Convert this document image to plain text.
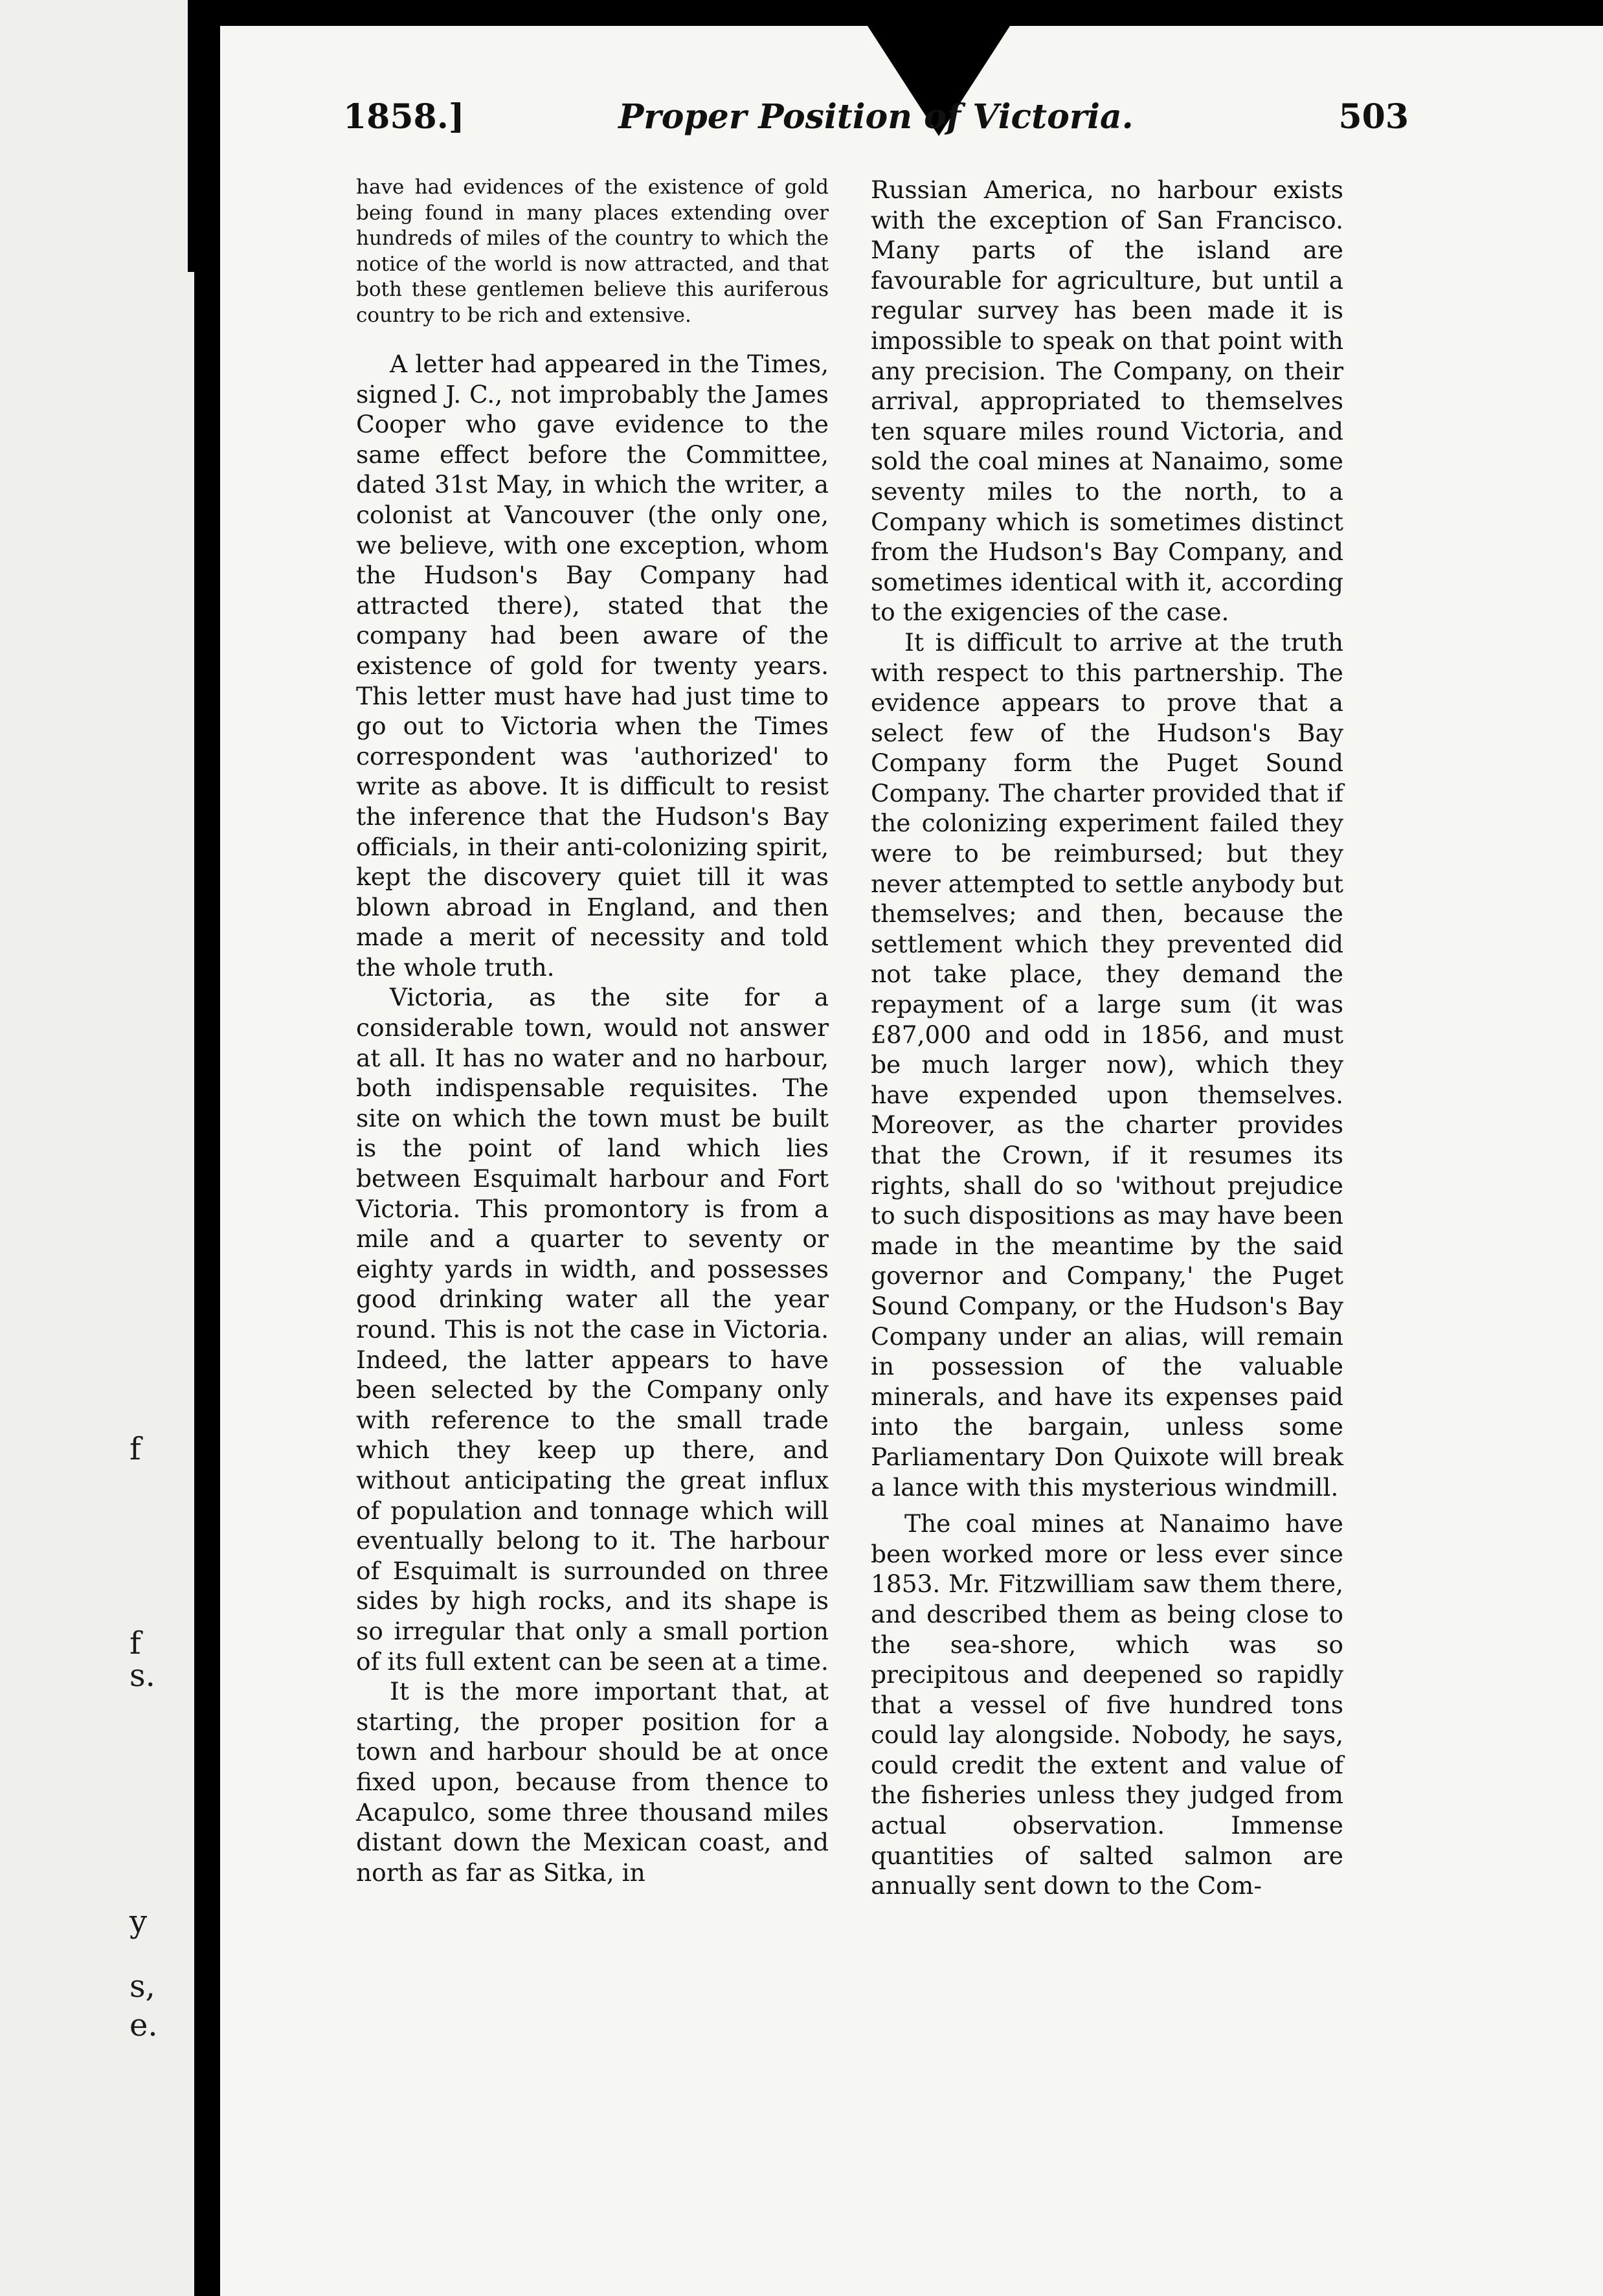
f

f

s.

e.

y

s,

1858.]	Proper Position of Victoria.	503

have had evidences of the existence of gold being found in many places extending over hundreds of miles of the country to which the notice of the world is now attracted, and that both these gentlemen believe this auriferous country to be rich and extensive.

A letter had appeared in the Times, signed J. C., not improbably the James Cooper who gave evidence to the same effect before the Committee, dated 31st May, in which the writer, a colonist at Vancouver (the only one, we believe, with one exception, whom the Hudson's Bay Company had attracted there), stated that the company had been aware of the existence of gold for twenty years. This letter must have had just time to go out to Victoria when the Times correspondent was 'authorized' to write as above. It is difficult to resist the inference that the Hudson's Bay officials, in their anti-colonizing spirit, kept the discovery quiet till it was blown abroad in England, and then made a merit of necessity and told the whole truth.

Victoria, as the site for a considerable town, would not answer at all. It has no water and no harbour, both indispensable requisites. The site on which the town must be built is the point of land which lies between Esquimalt harbour and Fort Victoria. This promontory is from a mile and a quarter to seventy or eighty yards in width, and possesses good drinking water all the year round. This is not the case in Victoria. Indeed, the latter appears to have been selected by the Company only with reference to the small trade which they keep up there, and without anticipating the great influx of population and tonnage which will eventually belong to it. The harbour of Esquimalt is surrounded on three sides by high rocks, and its shape is so irregular that only a small portion of its full extent can be seen at a time.

It is the more important that, at starting, the proper position for a town and harbour should be at once fixed upon, because from thence to Acapulco, some three thousand miles distant down the Mexican coast, and north as far as Sitka, in

Russian America, no harbour exists with the exception of San Francisco. Many parts of the island are favourable for agriculture, but until a regular survey has been made it is impossible to speak on that point with any precision. The Company, on their arrival, appropriated to themselves ten square miles round Victoria, and sold the coal mines at Nanaimo, some seventy miles to the north, to a Company which is sometimes distinct from the Hudson's Bay Company, and sometimes identical with it, according to the exigencies of the case.

It is difficult to arrive at the truth with respect to this partnership. The evidence appears to prove that a select few of the Hudson's Bay Company form the Puget Sound Company. The charter provided that if the colonizing experiment failed they were to be reimbursed; but they never attempted to settle anybody but themselves; and then, because the settlement which they prevented did not take place, they demand the repayment of a large sum (it was £87,000 and odd in 1856, and must be much larger now), which they have expended upon themselves. Moreover, as the charter provides that the Crown, if it resumes its rights, shall do so 'without prejudice to such dispositions as may have been made in the meantime by the said governor and Company,' the Puget Sound Company, or the Hudson's Bay Company under an alias, will remain in possession of the valuable minerals, and have its expenses paid into the bargain, unless some Parliamentary Don Quixote will break a lance with this mysterious windmill.

The coal mines at Nanaimo have been worked more or less ever since 1853. Mr. Fitzwilliam saw them there, and described them as being close to the sea-shore, which was so precipitous and deepened so rapidly that a vessel of five hundred tons could lay alongside. Nobody, he says, could credit the extent and value of the fisheries unless they judged from actual observation. Immense quantities of salted salmon are annually sent down to the Com-
